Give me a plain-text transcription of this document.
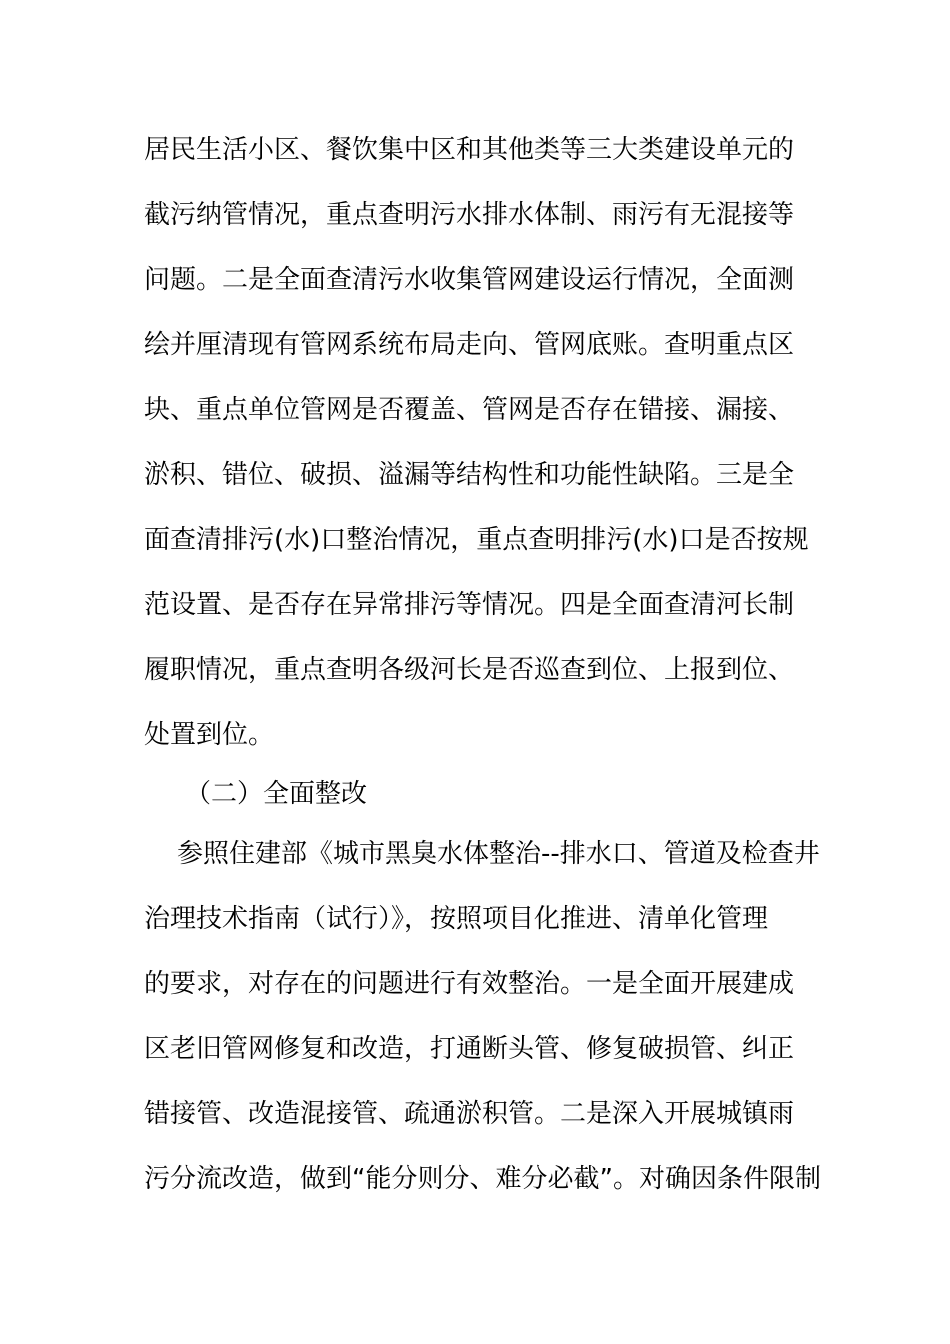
居民生活小区、餐饮集中区和其他类等三大类建设单元的
截污纳管情况，重点查明污水排水体制、雨污有无混接等
问题。二是全面查清污水收集管网建设运行情况，全面测
绘并厘清现有管网系统布局走向、管网底账。查明重点区
块、重点单位管网是否覆盖、管网是否存在错接、漏接、
淤积、错位、破损、溢漏等结构性和功能性缺陷。三是全
面查清排污(水)口整治情况，重点查明排污(水)口是否按规
范设置、是否存在异常排污等情况。四是全面查清河长制
履职情况，重点查明各级河长是否巡查到位、上报到位、
处置到位。
（二）全面整改
参照住建部《城市黑臭水体整治--排水口、管道及检查井
治理技术指南（试行）》，按照项目化推进、清单化管理
的要求，对存在的问题进行有效整治。一是全面开展建成
区老旧管网修复和改造，打通断头管、修复破损管、纠正
错接管、改造混接管、疏通淤积管。二是深入开展城镇雨
污分流改造，做到“能分则分、难分必截”。对确因条件限制
